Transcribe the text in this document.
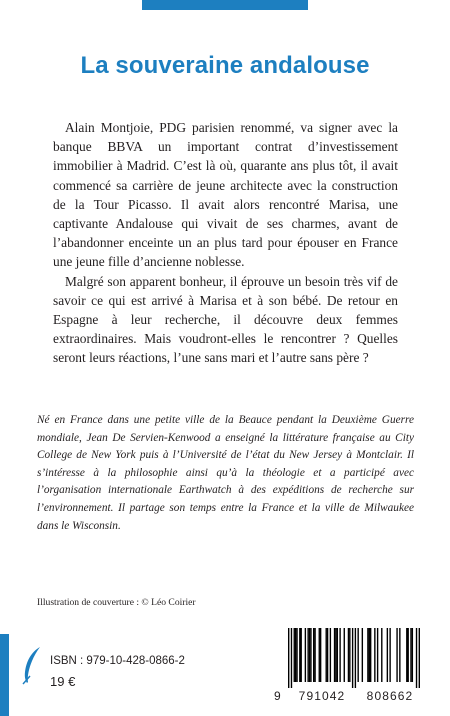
La souveraine andalouse

Alain Montjoie, PDG parisien renommé, va signer avec la banque BBVA un important contrat d’investissement immobilier à Madrid. C’est là où, quarante ans plus tôt, il avait commencé sa carrière de jeune architecte avec la construction de la Tour Picasso. Il avait alors rencontré Marisa, une captivante Andalouse qui vivait de ses charmes, avant de l’abandonner enceinte un an plus tard pour épouser en France une jeune fille d’ancienne noblesse.

Malgré son apparent bonheur, il éprouve un besoin très vif de savoir ce qui est arrivé à Marisa et à son bébé. De retour en Espagne à leur recherche, il découvre deux femmes extraordinaires. Mais voudront-elles le rencontrer ? Quelles seront leurs réactions, l’une sans mari et l’autre sans père ?

Né en France dans une petite ville de la Beauce pendant la Deuxième Guerre mondiale, Jean De Servien-Kenwood a enseigné la littérature française au City College de New York puis à l’Université de l’état du New Jersey à Montclair. Il s’intéresse à la philosophie ainsi qu’à la théologie et a participé avec l’organisation internationale Earthwatch à des expéditions de recherche sur l’environnement. Il partage son temps entre la France et la ville de Milwaukee dans le Wisconsin.
Illustration de couverture : © Léo Coirier
ISBN : 979-10-428-0866-2
19 €
9	791042	808662
